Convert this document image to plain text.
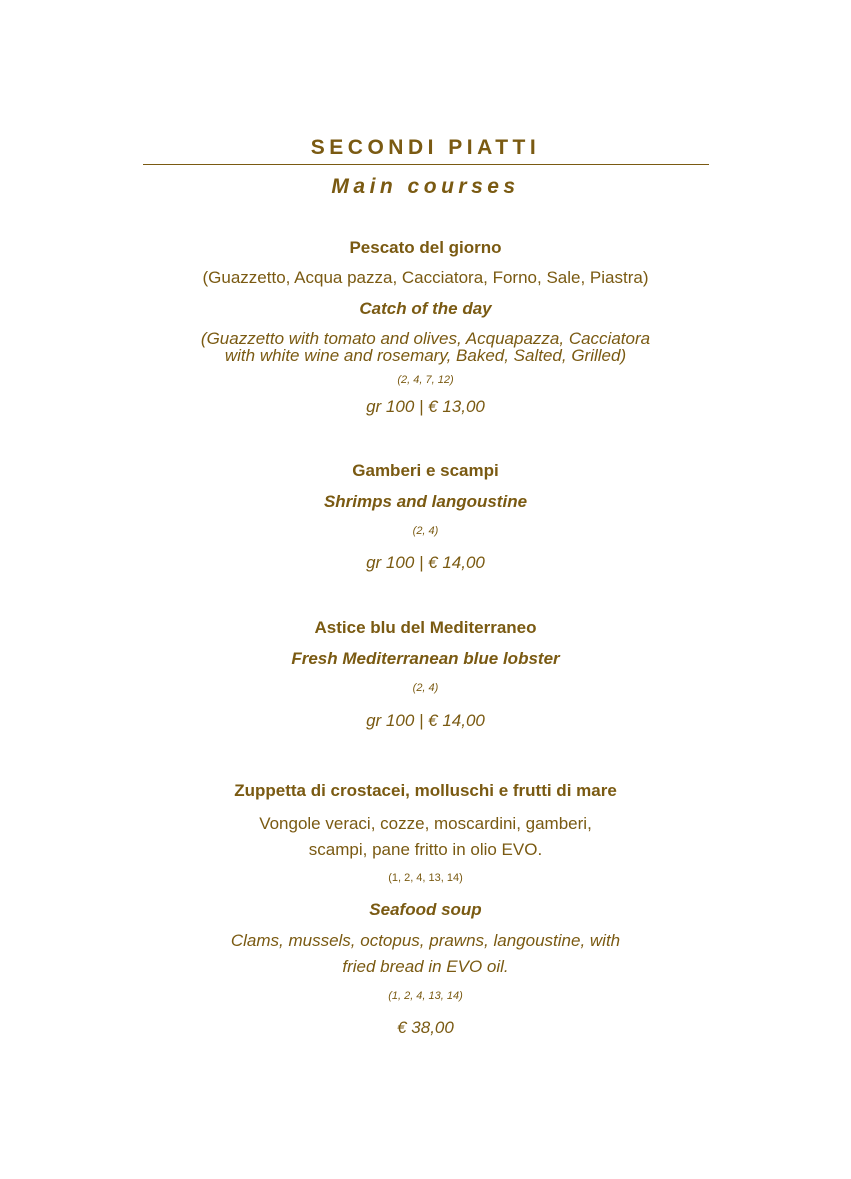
SECONDI PIATTI
Main courses
Pescato del giorno
(Guazzetto, Acqua pazza, Cacciatora, Forno, Sale, Piastra)
Catch of the day
(Guazzetto with tomato and olives, Acquapazza, Cacciatora
with white wine and rosemary, Baked, Salted, Grilled)
(2, 4, 7, 12)
gr 100 | € 13,00
Gamberi e scampi
Shrimps and langoustine
(2, 4)
gr 100 | € 14,00
Astice blu del Mediterraneo
Fresh Mediterranean blue lobster
(2, 4)
gr 100 | € 14,00
Zuppetta di crostacei, molluschi e frutti di mare
Vongole veraci, cozze, moscardini, gamberi,
scampi, pane fritto in olio EVO.
(1, 2, 4, 13, 14)
Seafood soup
Clams, mussels, octopus, prawns, langoustine, with
fried bread in EVO oil.
(1, 2, 4, 13, 14)
€ 38,00
